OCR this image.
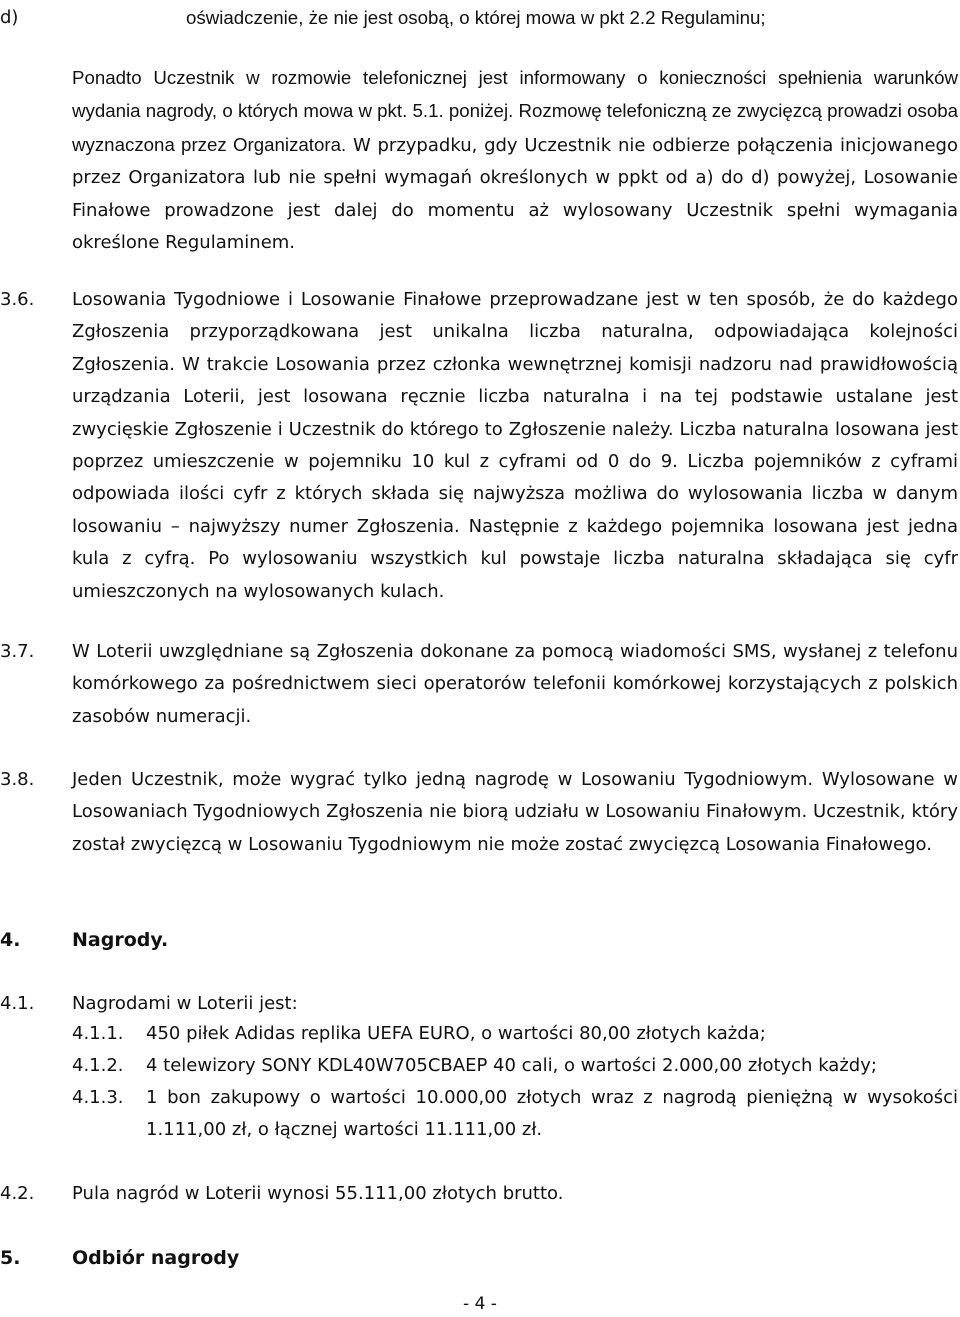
d)	oświadczenie, że nie jest osobą, o której mowa w pkt 2.2 Regulaminu;

Ponadto Uczestnik w rozmowie telefonicznej jest informowany o konieczności spełnienia warunków wydania nagrody, o których mowa w pkt. 5.1. poniżej. Rozmowę telefoniczną ze zwycięzcą prowadzi osoba wyznaczona przez Organizatora. W przypadku, gdy Uczestnik nie odbierze połączenia inicjowanego przez Organizatora lub nie spełni wymagań określonych w ppkt od a) do d) powyżej, Losowanie Finałowe prowadzone jest dalej do momentu aż wylosowany Uczestnik spełni wymagania określone Regulaminem.

3.6. Losowania Tygodniowe i Losowanie Finałowe przeprowadzane jest w ten sposób, że do każdego Zgłoszenia przyporządkowana jest unikalna liczba naturalna, odpowiadająca kolejności Zgłoszenia. W trakcie Losowania przez członka wewnętrznej komisji nadzoru nad prawidłowością urządzania Loterii, jest losowana ręcznie liczba naturalna i na tej podstawie ustalane jest zwycięskie Zgłoszenie i Uczestnik do którego to Zgłoszenie należy. Liczba naturalna losowana jest poprzez umieszczenie w pojemniku 10 kul z cyframi od 0 do 9. Liczba pojemników z cyframi odpowiada ilości cyfr z których składa się najwyższa możliwa do wylosowania liczba w danym losowaniu – najwyższy numer Zgłoszenia. Następnie z każdego pojemnika losowana jest jedna kula z cyfrą. Po wylosowaniu wszystkich kul powstaje liczba naturalna składająca się cyfr umieszczonych na wylosowanych kulach.

3.7. W Loterii uwzględniane są Zgłoszenia dokonane za pomocą wiadomości SMS, wysłanej z telefonu komórkowego za pośrednictwem sieci operatorów telefonii komórkowej korzystających z polskich zasobów numeracji.

3.8. Jeden Uczestnik, może wygrać tylko jedną nagrodę w Losowaniu Tygodniowym. Wylosowane w Losowaniach Tygodniowych Zgłoszenia nie biorą udziału w Losowaniu Finałowym. Uczestnik, który został zwycięzcą w Losowaniu Tygodniowym nie może zostać zwycięzcą Losowania Finałowego.

4.	Nagrody.

4.1. Nagrodami w Loterii jest:

4.1.1. 450 piłek Adidas replika UEFA EURO, o wartości 80,00 złotych każda;

4.1.2. 4 telewizory SONY KDL40W705CBAEP 40 cali, o wartości 2.000,00 złotych każdy;

4.1.3. 1 bon zakupowy o wartości 10.000,00 złotych wraz z nagrodą pieniężną w wysokości 1.111,00 zł, o łącznej wartości 11.111,00 zł.

4.2. Pula nagród w Loterii wynosi 55.111,00 złotych brutto.

5.	Odbiór nagrody

- 4 -
